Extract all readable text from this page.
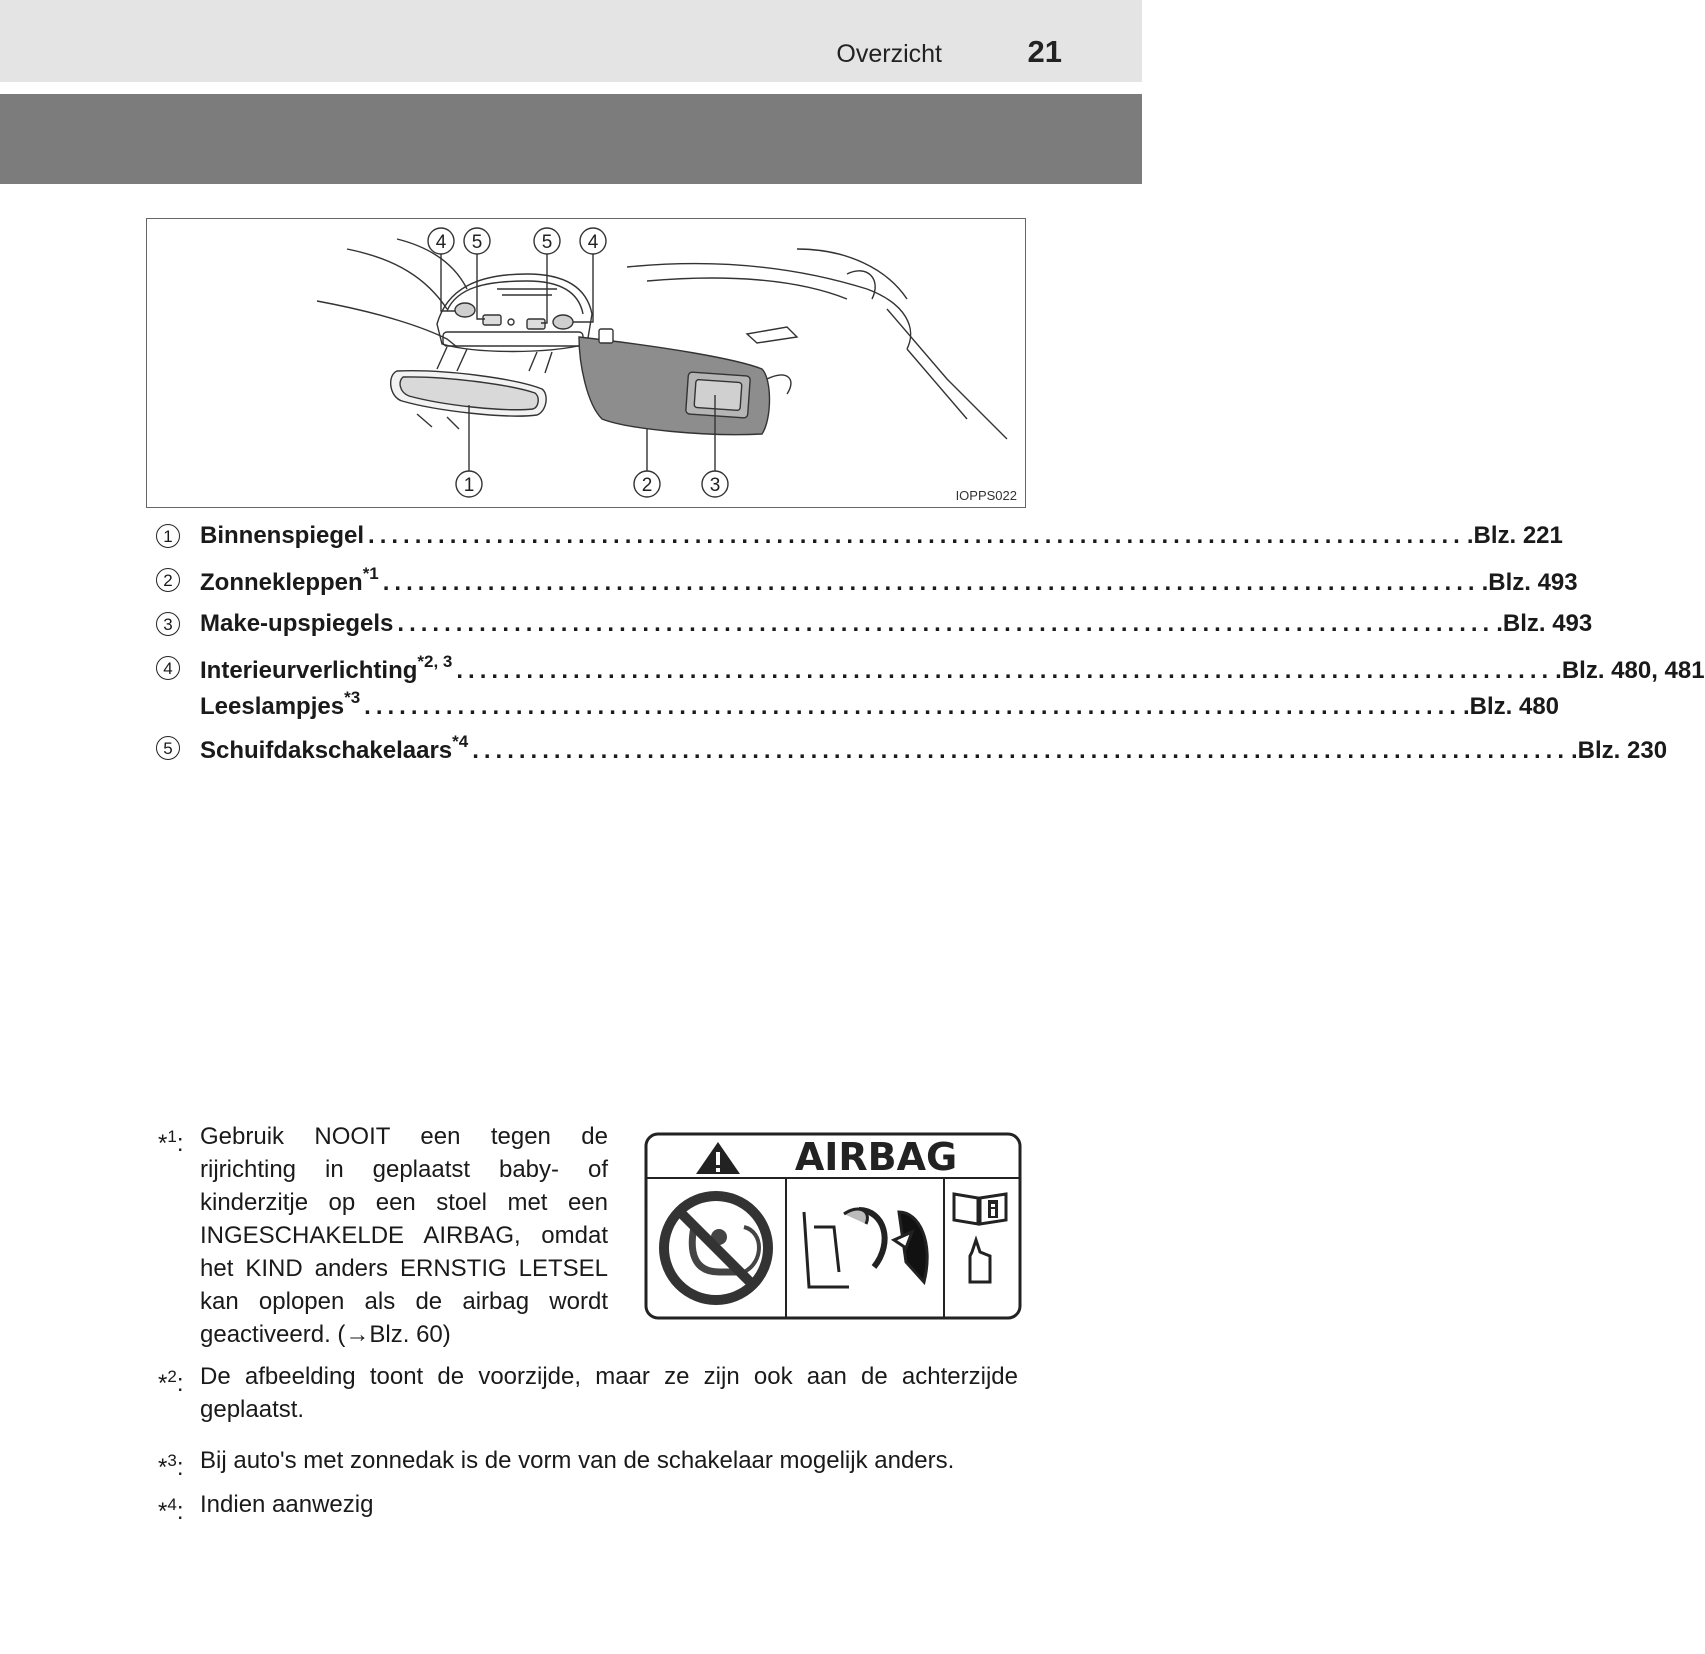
Overzicht	21
4 5	5 4
1	2	3	IOPPS022
1	Binnenspiegel .............................................................................................. .Blz. 221
2	Zonnekleppen$^{*1}$ .............................................................................................. .Blz. 493
3	Make-upspiegels .............................................................................................. .Blz. 493
4	Interieurverlichting$^{*2, 3}$ .............................................................................................. .Blz. 480, 481
Leeslampjes$^{*3}$ .............................................................................................. .Blz. 480
5	Schuifdakschakelaars$^{*4}$ .............................................................................................. .Blz. 230
*$^1$: Gebruik NOOIT een tegen de rijrichting in geplaatst baby- of kinderzitje op een stoel met een INGESCHAKELDE AIRBAG, omdat het KIND anders ERNSTIG LETSEL kan oplopen als de airbag wordt geactiveerd. (→Blz. 60)
AIRBAG
*$^2$: De afbeelding toont de voorzijde, maar ze zijn ook aan de achterzijde geplaatst.
*$^3$: Bij auto's met zonnedak is de vorm van de schakelaar mogelijk anders.
*$^4$: Indien aanwezig
